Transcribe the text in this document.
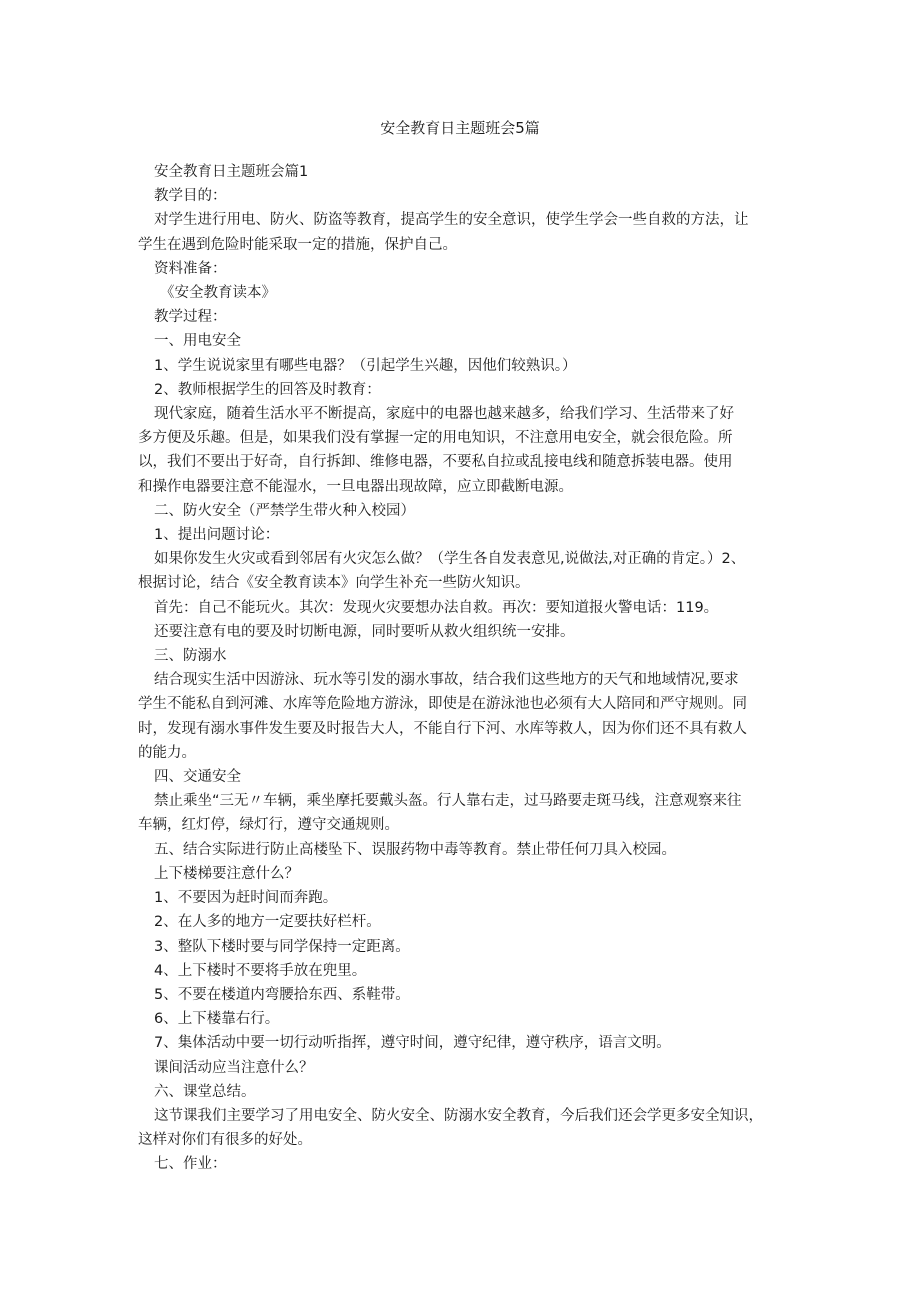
安全教育日主题班会5篇

安全教育日主题班会篇1

教学目的：

对学生进行用电、防火、防盗等教育，提高学生的安全意识，使学生学会一些自救的方法，让

学生在遇到危险时能采取一定的措施，保护自己。

资料准备：

《安全教育读本》

教学过程：

一、用电安全

1、学生说说家里有哪些电器？（引起学生兴趣，因他们较熟识。）

2、教师根据学生的回答及时教育：

现代家庭，随着生活水平不断提高，家庭中的电器也越来越多，给我们学习、生活带来了好

多方便及乐趣。但是，如果我们没有掌握一定的用电知识，不注意用电安全，就会很危险。所

以，我们不要出于好奇，自行拆卸、维修电器，不要私自拉或乱接电线和随意拆装电器。使用

和操作电器要注意不能湿水，一旦电器出现故障，应立即截断电源。

二、防火安全（严禁学生带火种入校园）

1、提出问题讨论：

如果你发生火灾或看到邻居有火灾怎么做？（学生各自发表意见,说做法,对正确的肯定。）2、

根据讨论，结合《安全教育读本》向学生补充一些防火知识。

首先：自己不能玩火。其次：发现火灾要想办法自救。再次：要知道报火警电话：119。

还要注意有电的要及时切断电源，同时要听从救火组织统一安排。

三、防溺水

结合现实生活中因游泳、玩水等引发的溺水事故，结合我们这些地方的天气和地域情况,要求

学生不能私自到河滩、水库等危险地方游泳，即使是在游泳池也必须有大人陪同和严守规则。同

时，发现有溺水事件发生要及时报告大人，不能自行下河、水库等救人，因为你们还不具有救人

的能力。

四、交通安全

禁止乘坐“三无〃车辆，乘坐摩托要戴头盔。行人靠右走，过马路要走斑马线，注意观察来往

车辆，红灯停，绿灯行，遵守交通规则。

五、结合实际进行防止高楼坠下、误服药物中毒等教育。禁止带任何刀具入校园。

上下楼梯要注意什么？

1、不要因为赶时间而奔跑。

2、在人多的地方一定要扶好栏杆。

3、整队下楼时要与同学保持一定距离。

4、上下楼时不要将手放在兜里。

5、不要在楼道内弯腰拾东西、系鞋带。

6、上下楼靠右行。

7、集体活动中要一切行动听指挥，遵守时间，遵守纪律，遵守秩序，语言文明。

课间活动应当注意什么？

六、课堂总结。

这节课我们主要学习了用电安全、防火安全、防溺水安全教育，今后我们还会学更多安全知识，

这样对你们有很多的好处。

七、作业：
